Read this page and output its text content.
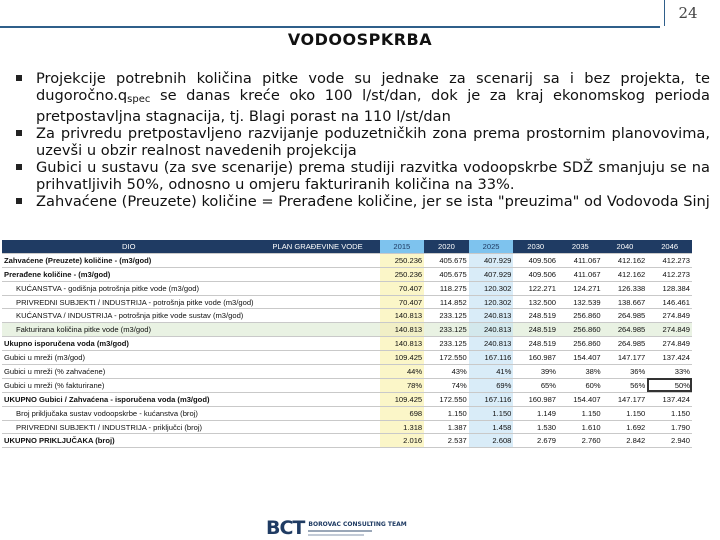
24
VODOOSPKRBA
Projekcije potrebnih količina pitke vode su jednake za scenarij sa i bez projekta, te $dugoročno.q_{spec}$ se danas kreće oko 100 l/st/dan, dok je za kraj ekonomskog perioda pretpostavljna stagnacija, tj. Blagi porast na 110 l/st/dan
Za privredu pretpostavljeno razvijanje poduzetničkih zona prema prostornim planovovima, uzevši u obzir realnost navedenih projekcija
Gubici u sustavu (za sve scenarije) prema studiji razvitka vodoopskrbe SDŽ smanjuju se na prihvatljivih 50%, odnosno u omjeru fakturiranih količina na 33%.
Zahvaćene (Preuzete) količine = Prerađene količine, jer se ista "preuzima" od Vodovoda Sinj
DIO	PLAN GRAĐEVINE VODE	2015	2020	2025	2030	2035	2040	2046
Zahvaćene (Preuzete) količine - (m3/god)		250.236	405.675	407.929	409.506	411.067	412.162	412.273
Prerađene količine - (m3/god)		250.236	405.675	407.929	409.506	411.067	412.162	412.273
KUĆANSTVA - godišnja potrošnja pitke vode (m3/god)		70.407	118.275	120.302	122.271	124.271	126.338	128.384
PRIVREDNI SUBJEKTI / INDUSTRIJA - potrošnja pitke vode (m3/god)		70.407	114.852	120.302	132.500	132.539	138.667	146.461
KUĆANSTVA / INDUSTRIJA - potrošnja pitke vode sustav (m3/god)		140.813	233.125	240.813	248.519	256.860	264.985	274.849
Fakturirana količina pitke vode (m3/god)		140.813	233.125	240.813	248.519	256.860	264.985	274.849
Ukupno isporučena voda (m3/god)		140.813	233.125	240.813	248.519	256.860	264.985	274.849
Gubici u mreži (m3/god)		109.425	172.550	167.116	160.987	154.407	147.177	137.424
Gubici u mreži (% zahvaćene)		44%	43%	41%	39%	38%	36%	33%
Gubici u mreži (% fakturirane)		78%	74%	69%	65%	60%	56%	50%
UKUPNO Gubici / Zahvaćena - isporučena voda (m3/god)		109.425	172.550	167.116	160.987	154.407	147.177	137.424
Broj priključaka sustav vodoopskrbe - kućanstva (broj)		698	1.150	1.150	1.149	1.150	1.150	1.150
PRIVREDNI SUBJEKTI / INDUSTRIJA - priključci (broj)		1.318	1.387	1.458	1.530	1.610	1.692	1.790
UKUPNO PRIKLJUČAKA (broj)		2.016	2.537	2.608	2.679	2.760	2.842	2.940
BCT BOROVAC CONSULTING TEAM
